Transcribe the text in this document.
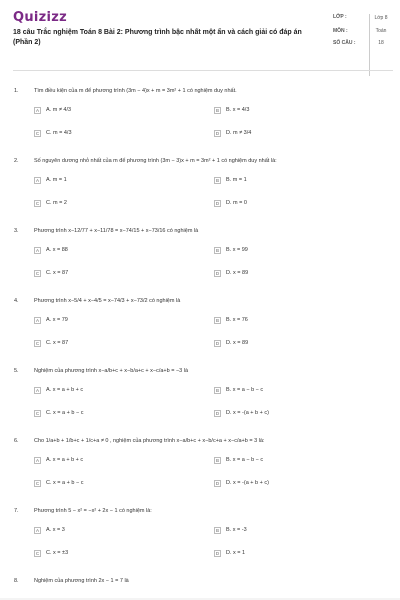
Quizizz
18 câu Trắc nghiệm Toán 8 Bài 2: Phương trình bậc nhất một ẩn và cách giải có đáp án (Phần 2)
LỚP :	Lớp 8
MÔN :	Toán
SỐ CÂU :	18
1.	Tìm điều kiện của m để phương trình (3m − 4)x + m = 3m² + 1 có nghiệm duy nhất.
A	A. m ≠ 4/3	B	B. x = 4/3
C	C. m = 4/3	D	D. m ≠ 3/4
2.	Số nguyên dương nhỏ nhất của m để phương trình (3m − 3)x + m = 3m² + 1 có nghiệm duy nhất là:
A	A. m = 1	B	B. m = 1
C	C. m = 2	D	D. m = 0
3.	Phương trình x−12/77 + x−11/78 = x−74/15 + x−73/16 có nghiệm là
A	A. x = 88	B	B. x = 99
C	C. x = 87	D	D. x = 89
4.	Phương trình x−5/4 + x−4/5 = x−74/3 + x−73/2 có nghiệm là
A	A. x = 79	B	B. x = 76
C	C. x = 87	D	D. x = 89
5.	Nghiệm của phương trình x−a/b+c + x−b/a+c + x−c/a+b = −3 là
A	A. x = a + b + c	B	B. x = a − b − c
C	C. x = a + b − c	D	D. x = -(a + b + c)
6.	Cho 1/a+b + 1/b+c + 1/c+a ≠ 0 , nghiệm của phương trình x−a/b+c + x−b/c+a + x−c/a+b = 3 là:
A	A. x = a + b + c	B	B. x = a − b − c
C	C. x = a + b − c	D	D. x = -(a + b + c)
7.	Phương trình 5 − x² = −x² + 2x − 1 có nghiệm là:
A	A. x = 3	B	B. x = -3
C	C. x = ±3	D	D. x = 1
8.	Nghiệm của phương trình 2x − 1 = 7 là
